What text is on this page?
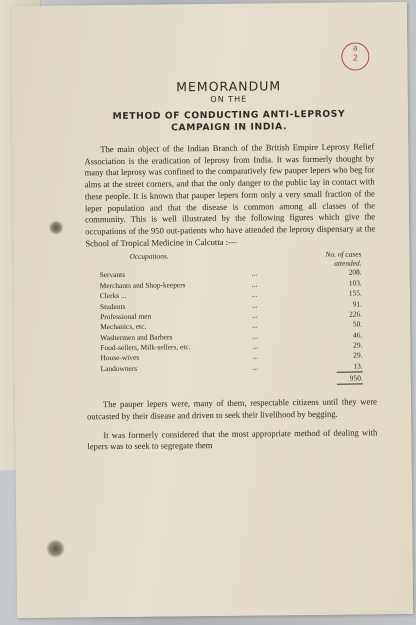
a
2

MEMORANDUM

ON THE

METHOD OF CONDUCTING ANTI-LEPROSY
CAMPAIGN IN INDIA.

The main object of the Indian Branch of the British Empire Leprosy Relief Association is the eradication of leprosy from India. It was formerly thought by many that leprosy was confined to the comparatively few pauper lepers who beg for alms at the street corners, and that the only danger to the public lay in contact with these people. It is known that pauper lepers form only a very small fraction of the leper population and that the disease is common among all classes of the community. This is well illustrated by the following figures which give the occupations of the 950 out-patients who have attended the leprosy dispensary at the School of Tropical Medicine in Calcutta :—

Occupations.		No. of cases attended.
Servants	...	208.
Merchants and Shop-keepers	...	103.
Clerks ...	...	155.
Students	...	91.
Professional men	...	226.
Mechanics, etc.	...	50.
Washermen and Barbers	...	46.
Food-sellers, Milk-sellers, etc.	...	29.
House-wives	...	29.
Landowners	...	13.
		950.

The pauper lepers were, many of them, respectable citizens until they were outcasted by their disease and driven to seek their livelihood by begging.

It was formerly considered that the most appropriate method of dealing with lepers was to seek to segregate them
